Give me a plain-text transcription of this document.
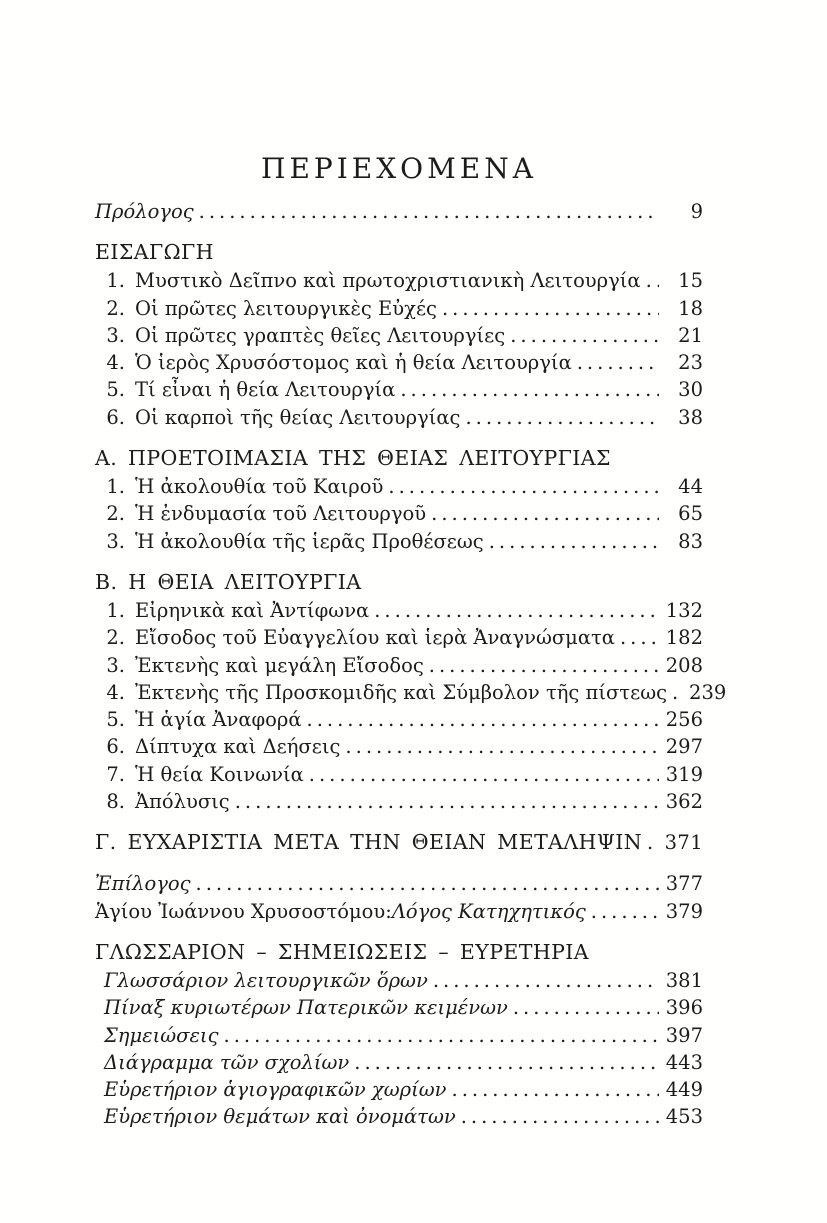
ΠΕΡΙΕΧΟΜΕΝΑ
Πρόλογος .....	9
ΕΙΣΑΓΩΓΗ
1. Μυστικὸ Δεῖπνο καὶ πρωτοχριστιανικὴ Λειτουργία .....	15
2. Οἱ πρῶτες λειτουργικὲς Εὐχές .....	18
3. Οἱ πρῶτες γραπτὲς θεῖες Λειτουργίες .....	21
4. Ὁ ἱερὸς Χρυσόστομος καὶ ἡ θεία Λειτουργία .....	23
5. Τί εἶναι ἡ θεία Λειτουργία .....	30
6. Οἱ καρποὶ τῆς θείας Λειτουργίας .....	38
Α. ΠΡΟΕΤΟΙΜΑΣΙΑ ΤΗΣ ΘΕΙΑΣ ΛΕΙΤΟΥΡΓΙΑΣ
1. Ἡ ἀκολουθία τοῦ Καιροῦ .....	44
2. Ἡ ἐνδυμασία τοῦ Λειτουργοῦ .....	65
3. Ἡ ἀκολουθία τῆς ἱερᾶς Προθέσεως .....	83
Β. Η ΘΕΙΑ ΛΕΙΤΟΥΡΓΙΑ
1. Εἰρηνικὰ καὶ Ἀντίφωνα .....	132
2. Εἴσοδος τοῦ Εὐαγγελίου καὶ ἱερὰ Ἀναγνώσματα .....	182
3. Ἐκτενὴς καὶ μεγάλη Εἴσοδος .....	208
4. Ἐκτενὴς τῆς Προσκομιδῆς καὶ Σύμβολον τῆς πίστεως ..... 239
5. Ἡ ἁγία Ἀναφορά .....	256
6. Δίπτυχα καὶ Δεήσεις .....	297
7. Ἡ θεία Κοινωνία .....	319
8. Ἀπόλυσις .....	362
Γ. ΕΥΧΑΡΙΣΤΙΑ ΜΕΤΑ ΤΗΝ ΘΕΙΑΝ ΜΕΤΑΛΗΨΙΝ ..... 371
Ἐπίλογος .....	377
Ἁγίου Ἰωάννου Χρυσοστόμου: Λόγος Κατηχητικός .....	379
ΓΛΩΣΣΑΡΙΟΝ – ΣΗΜΕΙΩΣΕΙΣ – ΕΥΡΕΤΗΡΙΑ
Γλωσσάριον λειτουργικῶν ὅρων .....	381
Πίναξ κυριωτέρων Πατερικῶν κειμένων .....	396
Σημειώσεις .....	397
Διάγραμμα τῶν σχολίων .....	443
Εὑρετήριον ἁγιογραφικῶν χωρίων .....	449
Εὑρετήριον θεμάτων καὶ ὀνομάτων .....	453
